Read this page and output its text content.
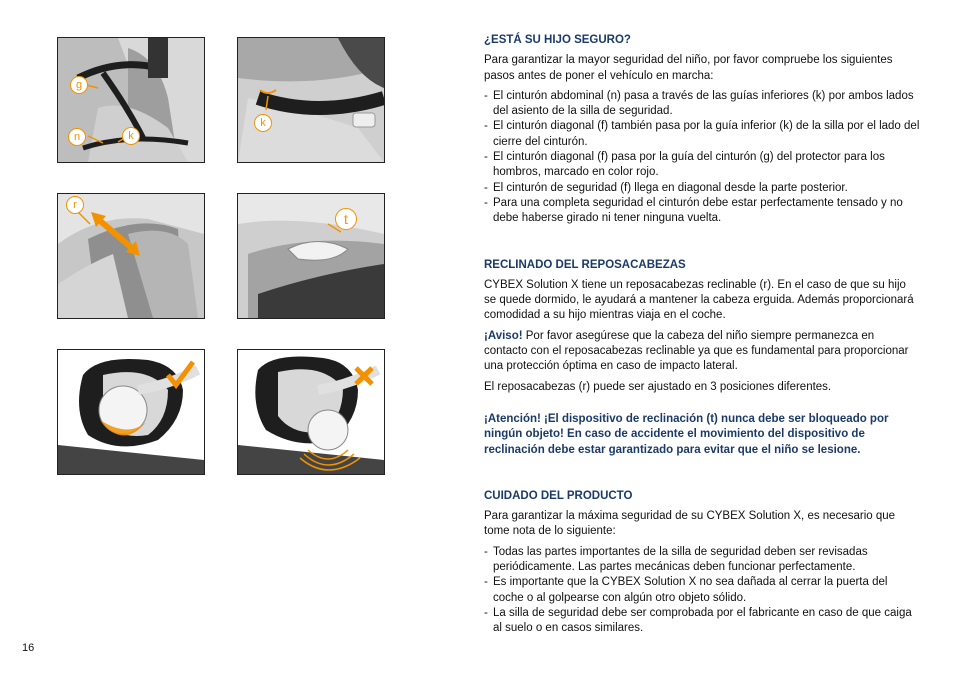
g
n	k
k
r
t
16
¿ESTÁ SU HIJO SEGURO?

Para garantizar la mayor seguridad del niño, por favor compruebe los siguientes pasos antes de poner el vehículo en marcha:

- El cinturón abdominal (n) pasa a través de las guías inferiores (k) por ambos lados del asiento de la silla de seguridad.
- El cinturón diagonal (f) también pasa por la guía inferior (k) de la silla por el lado del cierre del cinturón.
- El cinturón diagonal (f) pasa por la guía del cinturón (g) del protector para los hombros, marcado en color rojo.
- El cinturón de seguridad (f) llega en diagonal desde la parte posterior.
- Para una completa seguridad el cinturón debe estar perfectamente tensado y no debe haberse girado ni tener ninguna vuelta.
RECLINADO DEL REPOSACABEZAS

CYBEX Solution X tiene un reposacabezas reclinable (r). En el caso de que su hijo se quede dormido, le ayudará a mantener la cabeza erguida. Además proporcionará comodidad a su hijo mientras viaja en el coche.

¡Aviso! Por favor asegúrese que la cabeza del niño siempre permanezca en contacto con el reposacabezas reclinable ya que es fundamental para proporcionar una protección óptima en caso de impacto lateral.

El reposacabezas (r) puede ser ajustado en 3 posiciones diferentes.

¡Atención! ¡El dispositivo de reclinación (t) nunca debe ser bloqueado por ningún objeto! En caso de accidente el movimiento del dispositivo de reclinación debe estar garantizado para evitar que el niño se lesione.

CUIDADO DEL PRODUCTO

Para garantizar la máxima seguridad de su CYBEX Solution X, es necesario que tome nota de lo siguiente:

- Todas las partes importantes de la silla de seguridad deben ser revisadas periódicamente. Las partes mecánicas deben funcionar perfectamente.
- Es importante que la CYBEX Solution X no sea dañada al cerrar la puerta del coche o al golpearse con algún otro objeto sólido.
- La silla de seguridad debe ser comprobada por el fabricante en caso de que caiga al suelo o en casos similares.
